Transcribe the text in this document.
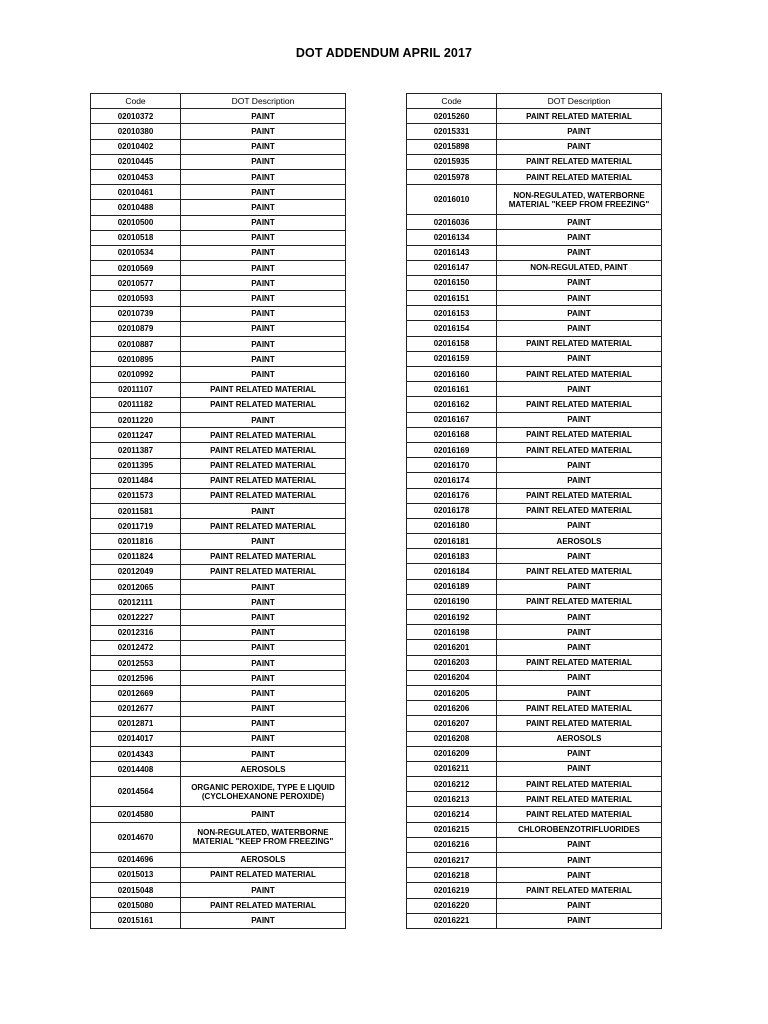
DOT ADDENDUM APRIL 2017
Code	DOT Description
02010372	PAINT
02010380	PAINT
02010402	PAINT
02010445	PAINT
02010453	PAINT
02010461	PAINT
02010488	PAINT
02010500	PAINT
02010518	PAINT
02010534	PAINT
02010569	PAINT
02010577	PAINT
02010593	PAINT
02010739	PAINT
02010879	PAINT
02010887	PAINT
02010895	PAINT
02010992	PAINT
02011107	PAINT RELATED MATERIAL
02011182	PAINT RELATED MATERIAL
02011220	PAINT
02011247	PAINT RELATED MATERIAL
02011387	PAINT RELATED MATERIAL
02011395	PAINT RELATED MATERIAL
02011484	PAINT RELATED MATERIAL
02011573	PAINT RELATED MATERIAL
02011581	PAINT
02011719	PAINT RELATED MATERIAL
02011816	PAINT
02011824	PAINT RELATED MATERIAL
02012049	PAINT RELATED MATERIAL
02012065	PAINT
02012111	PAINT
02012227	PAINT
02012316	PAINT
02012472	PAINT
02012553	PAINT
02012596	PAINT
02012669	PAINT
02012677	PAINT
02012871	PAINT
02014017	PAINT
02014343	PAINT
02014408	AEROSOLS
02014564	ORGANIC PEROXIDE, TYPE E LIQUID (CYCLOHEXANONE PEROXIDE)
02014580	PAINT
02014670	NON-REGULATED, WATERBORNE MATERIAL "KEEP FROM FREEZING"
02014696	AEROSOLS
02015013	PAINT RELATED MATERIAL
02015048	PAINT
02015080	PAINT RELATED MATERIAL
02015161	PAINT
Code	DOT Description
02015260	PAINT RELATED MATERIAL
02015331	PAINT
02015898	PAINT
02015935	PAINT RELATED MATERIAL
02015978	PAINT RELATED MATERIAL
02016010	NON-REGULATED, WATERBORNE MATERIAL "KEEP FROM FREEZING"
02016036	PAINT
02016134	PAINT
02016143	PAINT
02016147	NON-REGULATED, PAINT
02016150	PAINT
02016151	PAINT
02016153	PAINT
02016154	PAINT
02016158	PAINT RELATED MATERIAL
02016159	PAINT
02016160	PAINT RELATED MATERIAL
02016161	PAINT
02016162	PAINT RELATED MATERIAL
02016167	PAINT
02016168	PAINT RELATED MATERIAL
02016169	PAINT RELATED MATERIAL
02016170	PAINT
02016174	PAINT
02016176	PAINT RELATED MATERIAL
02016178	PAINT RELATED MATERIAL
02016180	PAINT
02016181	AEROSOLS
02016183	PAINT
02016184	PAINT RELATED MATERIAL
02016189	PAINT
02016190	PAINT RELATED MATERIAL
02016192	PAINT
02016198	PAINT
02016201	PAINT
02016203	PAINT RELATED MATERIAL
02016204	PAINT
02016205	PAINT
02016206	PAINT RELATED MATERIAL
02016207	PAINT RELATED MATERIAL
02016208	AEROSOLS
02016209	PAINT
02016211	PAINT
02016212	PAINT RELATED MATERIAL
02016213	PAINT RELATED MATERIAL
02016214	PAINT RELATED MATERIAL
02016215	CHLOROBENZOTRIFLUORIDES
02016216	PAINT
02016217	PAINT
02016218	PAINT
02016219	PAINT RELATED MATERIAL
02016220	PAINT
02016221	PAINT
